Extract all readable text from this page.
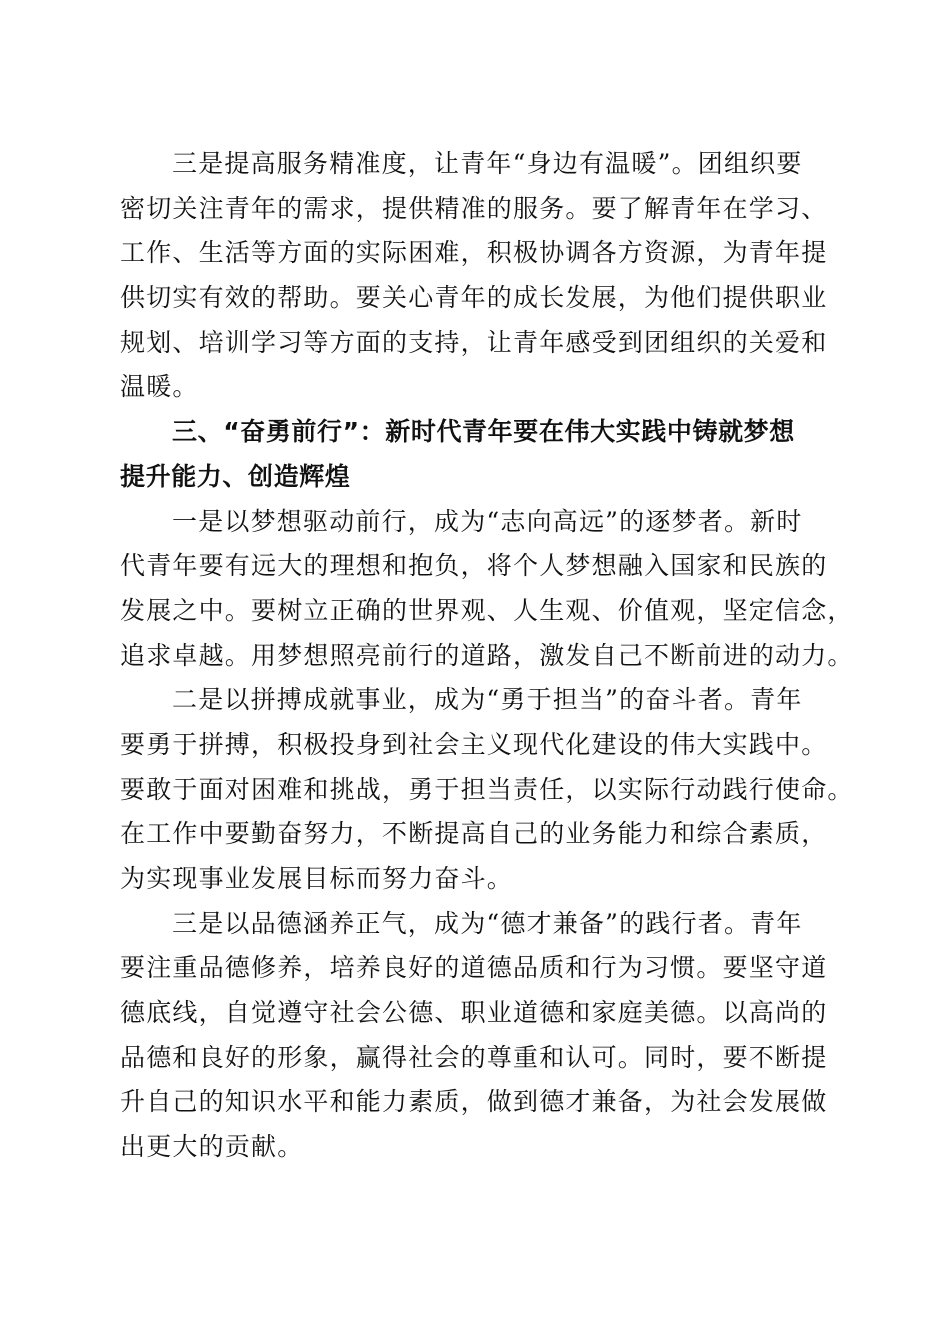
三是提高服务精准度，让青年“身边有温暖”。团组织要
密切关注青年的需求，提供精准的服务。要了解青年在学习、
工作、生活等方面的实际困难，积极协调各方资源，为青年提
供切实有效的帮助。要关心青年的成长发展，为他们提供职业
规划、培训学习等方面的支持，让青年感受到团组织的关爱和
温暖。
三、“奋勇前行”：新时代青年要在伟大实践中铸就梦想
提升能力、创造辉煌
一是以梦想驱动前行，成为“志向高远”的逐梦者。新时
代青年要有远大的理想和抱负，将个人梦想融入国家和民族的
发展之中。要树立正确的世界观、人生观、价值观，坚定信念，
追求卓越。用梦想照亮前行的道路，激发自己不断前进的动力。
二是以拼搏成就事业，成为“勇于担当”的奋斗者。青年
要勇于拼搏，积极投身到社会主义现代化建设的伟大实践中。
要敢于面对困难和挑战，勇于担当责任，以实际行动践行使命。
在工作中要勤奋努力，不断提高自己的业务能力和综合素质，
为实现事业发展目标而努力奋斗。
三是以品德涵养正气，成为“德才兼备”的践行者。青年
要注重品德修养，培养良好的道德品质和行为习惯。要坚守道
德底线，自觉遵守社会公德、职业道德和家庭美德。以高尚的
品德和良好的形象，赢得社会的尊重和认可。同时，要不断提
升自己的知识水平和能力素质，做到德才兼备，为社会发展做
出更大的贡献。
